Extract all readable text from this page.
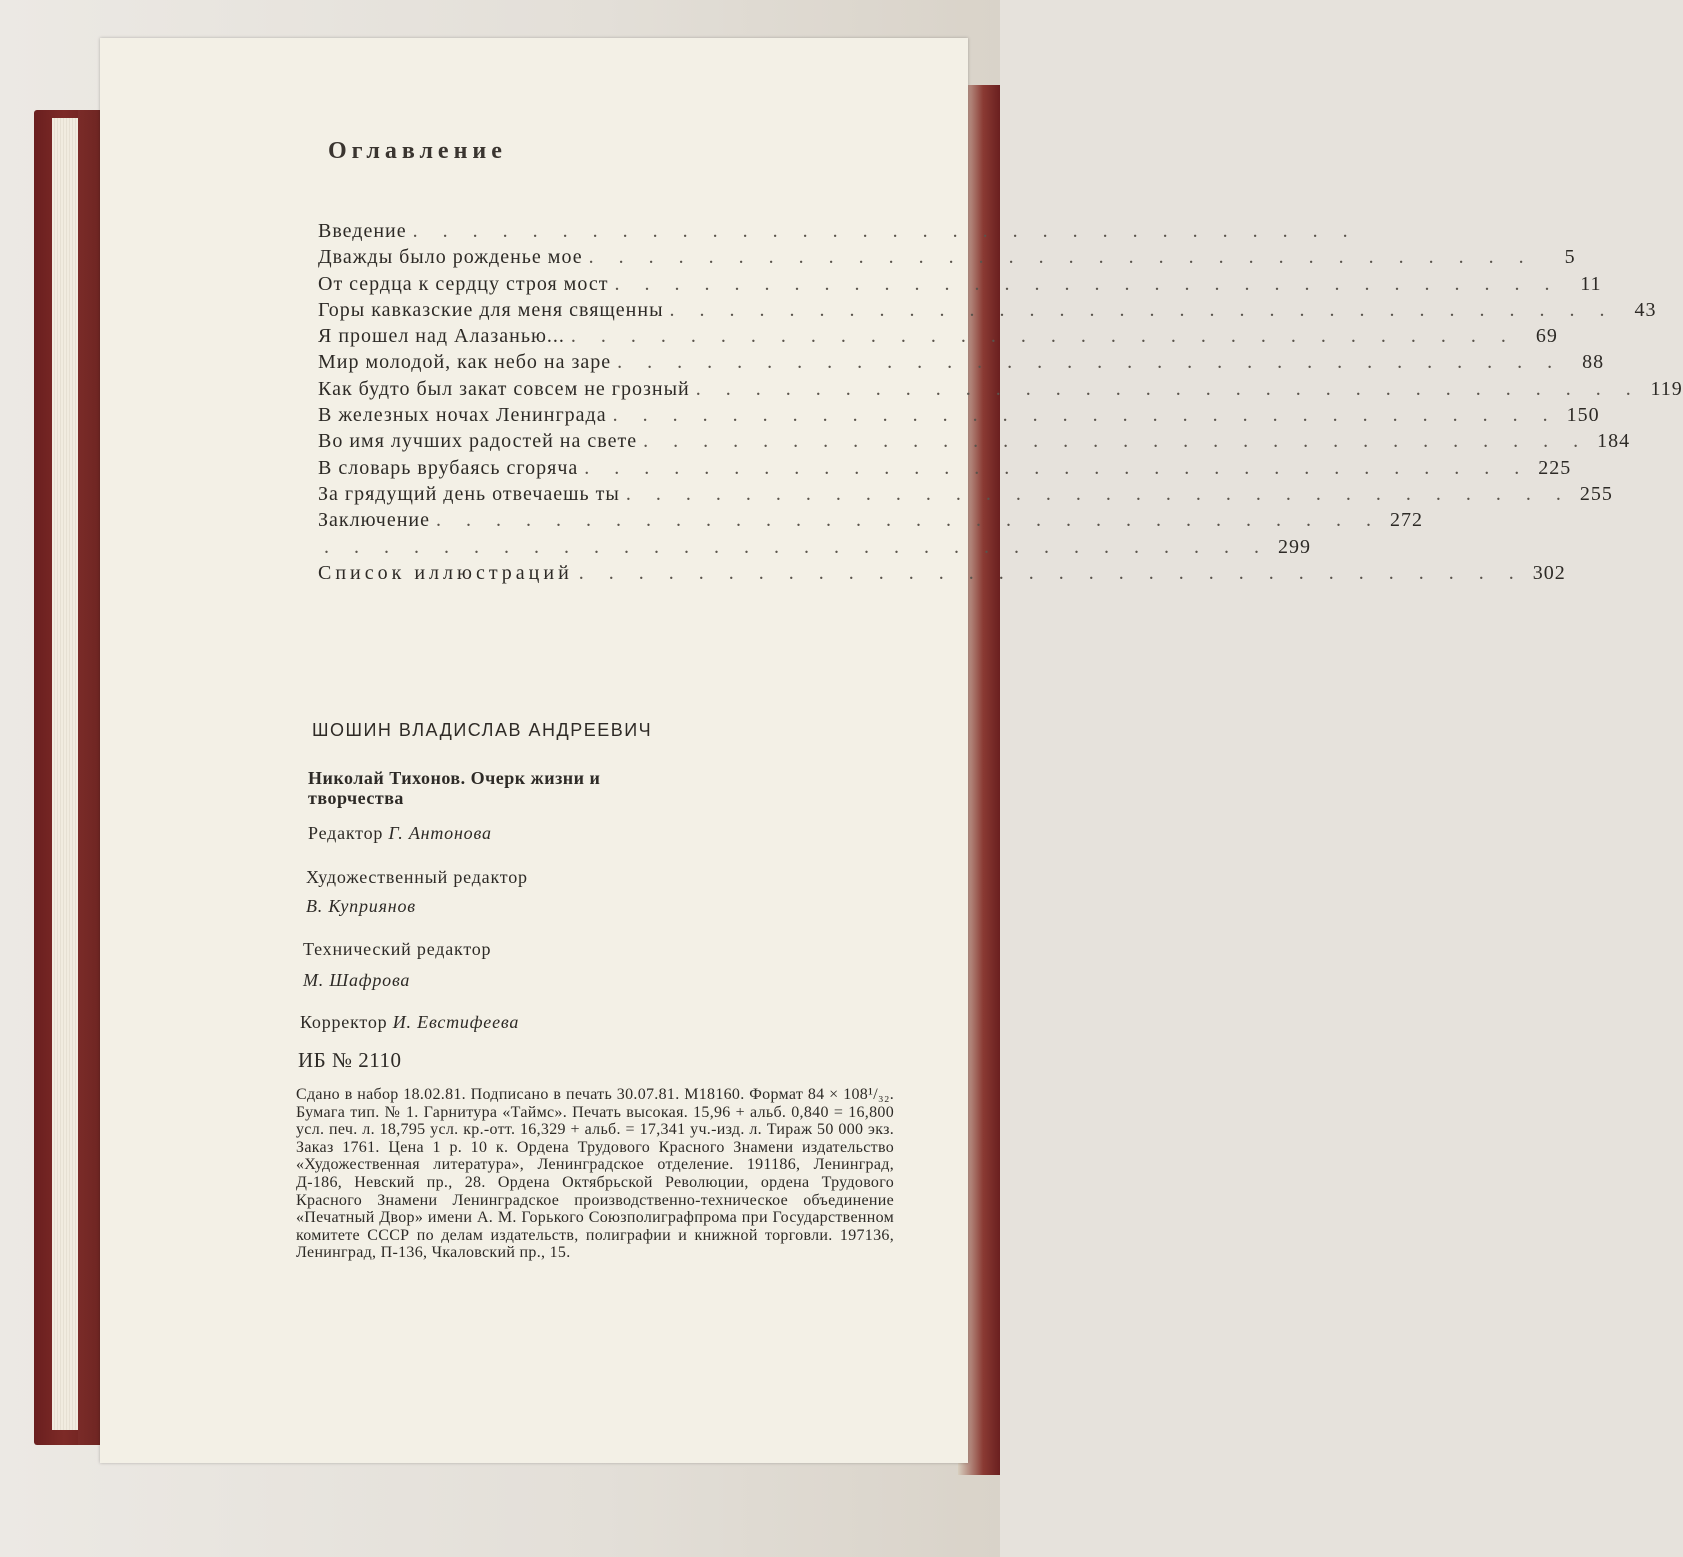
Оглавление
Введение . . . . . . . . . . . . . . . . . . . . . . . . . . . . . . . .
Дважды было рожденье мое . . . . . . . . . . . . . . . . . . . . . . . . . . . . . . . .	5
От сердца к сердцу строя мост . . . . . . . . . . . . . . . . . . . . . . . . . . . . . . . .	11
Горы кавказские для меня священны . . . . . . . . . . . . . . . . . . . . . . . . . . . . . . . .	43
Я прошел над Алазанью... . . . . . . . . . . . . . . . . . . . . . . . . . . . . . . . .	69
Мир молодой, как небо на заре . . . . . . . . . . . . . . . . . . . . . . . . . . . . . . . .	88
Как будто был закат совсем не грозный . . . . . . . . . . . . . . . . . . . . . . . . . . . . . . . . 119
В железных ночах Ленинграда . . . . . . . . . . . . . . . . . . . . . . . . . . . . . . . . 150
Во имя лучших радостей на свете . . . . . . . . . . . . . . . . . . . . . . . . . . . . . . . . 184
В словарь врубаясь сгоряча . . . . . . . . . . . . . . . . . . . . . . . . . . . . . . . . 225
За грядущий день отвечаешь ты . . . . . . . . . . . . . . . . . . . . . . . . . . . . . . . . 255
Заключение . . . . . . . . . . . . . . . . . . . . . . . . . . . . . . . . 272
. . . . . . . . . . . . . . . . . . . . . . . . . . . . . . . . 299
Список иллюстраций . . . . . . . . . . . . . . . . . . . . . . . . . . . . . . . . 302
ШОШИН ВЛАДИСЛАВ АНДРЕЕВИЧ
Николай Тихонов. Очерк жизни и творчества
Редактор Г. Антонова
Художественный редактор
В. Куприянов
Технический редактор
М. Шафрова
Корректор И. Евстифеева
ИБ № 2110
Сдано в набор 18.02.81. Подписано в печать 30.07.81. М18160. Формат 84 × 108¹/₃₂. Бумага тип. № 1. Гарнитура «Таймс». Печать высокая. 15,96 + альб. 0,840 = 16,800 усл. печ. л. 18,795 усл. кр.-отт. 16,329 + альб. = 17,341 уч.-изд. л. Тираж 50 000 экз. Заказ 1761. Цена 1 р. 10 к. Ордена Трудового Красного Знамени издательство «Художественная литература», Ленинградское отделение. 191186, Ленинград, Д-186, Невский пр., 28. Ордена Октябрьской Революции, ордена Трудового Красного Знамени Ленинградское производственно-техническое объединение «Печатный Двор» имени А. М. Горького Союзполиграфпрома при Государственном комитете СССР по делам издательств, полиграфии и книжной торговли. 197136, Ленинград, П-136, Чкаловский пр., 15.
